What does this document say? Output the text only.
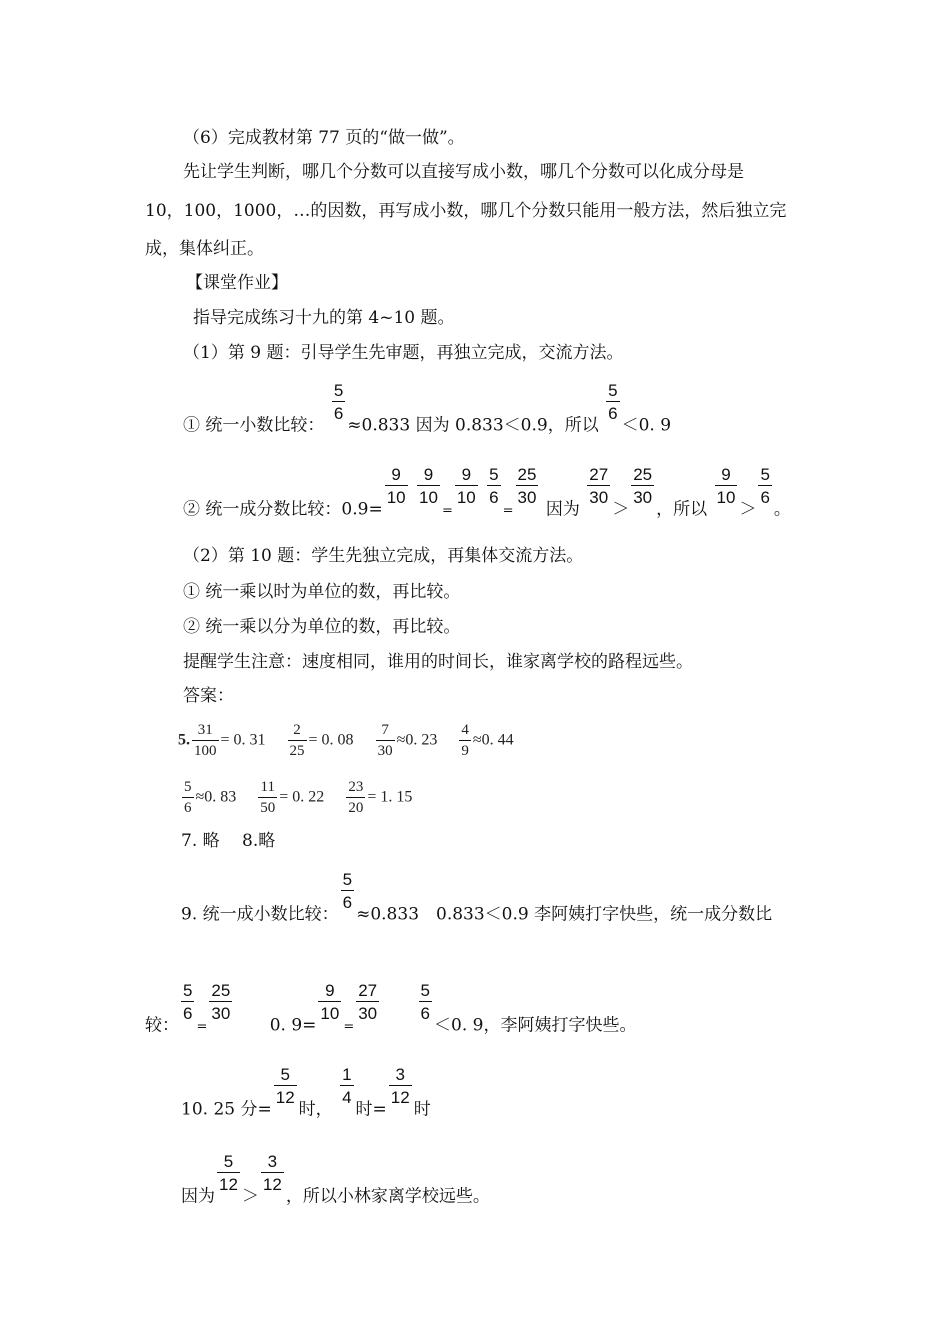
（6）完成教材第 77 页的“做一做”。
先让学生判断，哪几个分数可以直接写成小数，哪几个分数可以化成分母是
10，100，1000，…的因数，再写成小数，哪几个分数只能用一般方法，然后独立完
成，集体纠正。
【课堂作业】
指导完成练习十九的第 4~10 题。
（1）第 9 题：引导学生先审题，再独立完成，交流方法。
① 统一小数比较：
$\frac{5}{6}$
≈0.833 因为 0.833＜0.9，所以
$\frac{5}{6}$
＜0. 9
② 统一成分数比较：0.9=
$\frac{9}{10}$
$\frac{9}{10}$
=
$\frac{9}{10}$
$\frac{5}{6}$
=
$\frac{25}{30}$
因为
$\frac{27}{30}$
＞
$\frac{25}{30}$
，所以
$\frac{9}{10}$
＞
$\frac{5}{6}$
。
（2）第 10 题：学生先独立完成，再集体交流方法。
① 统一乘以时为单位的数，再比较。
② 统一乘以分为单位的数，再比较。
提醒学生注意：速度相同，谁用的时间长，谁家离学校的路程远些。
答案：
5. $\frac{31}{100} = 0$. $31 \frac{2}{25} = 0$. $08 \frac{7}{30} \approx 0$. $23 \frac{4}{9} \approx 0$. 44
$\frac{5}{6} \approx 0$. $83 \frac{11}{50} = 0$. $22 \frac{23}{20} = 1$. 15
7. 略　 8.略
9. 统一成小数比较：
$\frac{5}{6}$
≈0.833　0.833＜0.9 李阿姨打字快些，统一成分数比
较：
$\frac{5}{6}$
=
$\frac{25}{30}$
0. 9=
$\frac{9}{10}$
=
$\frac{27}{30}$
$\frac{5}{6}$
＜0. 9，李阿姨打字快些。
10. 25 分=
$\frac{5}{12}$
时，
$\frac{1}{4}$
时=
$\frac{3}{12}$
时
因为
$\frac{5}{12}$
＞
$\frac{3}{12}$
，所以小林家离学校远些。
